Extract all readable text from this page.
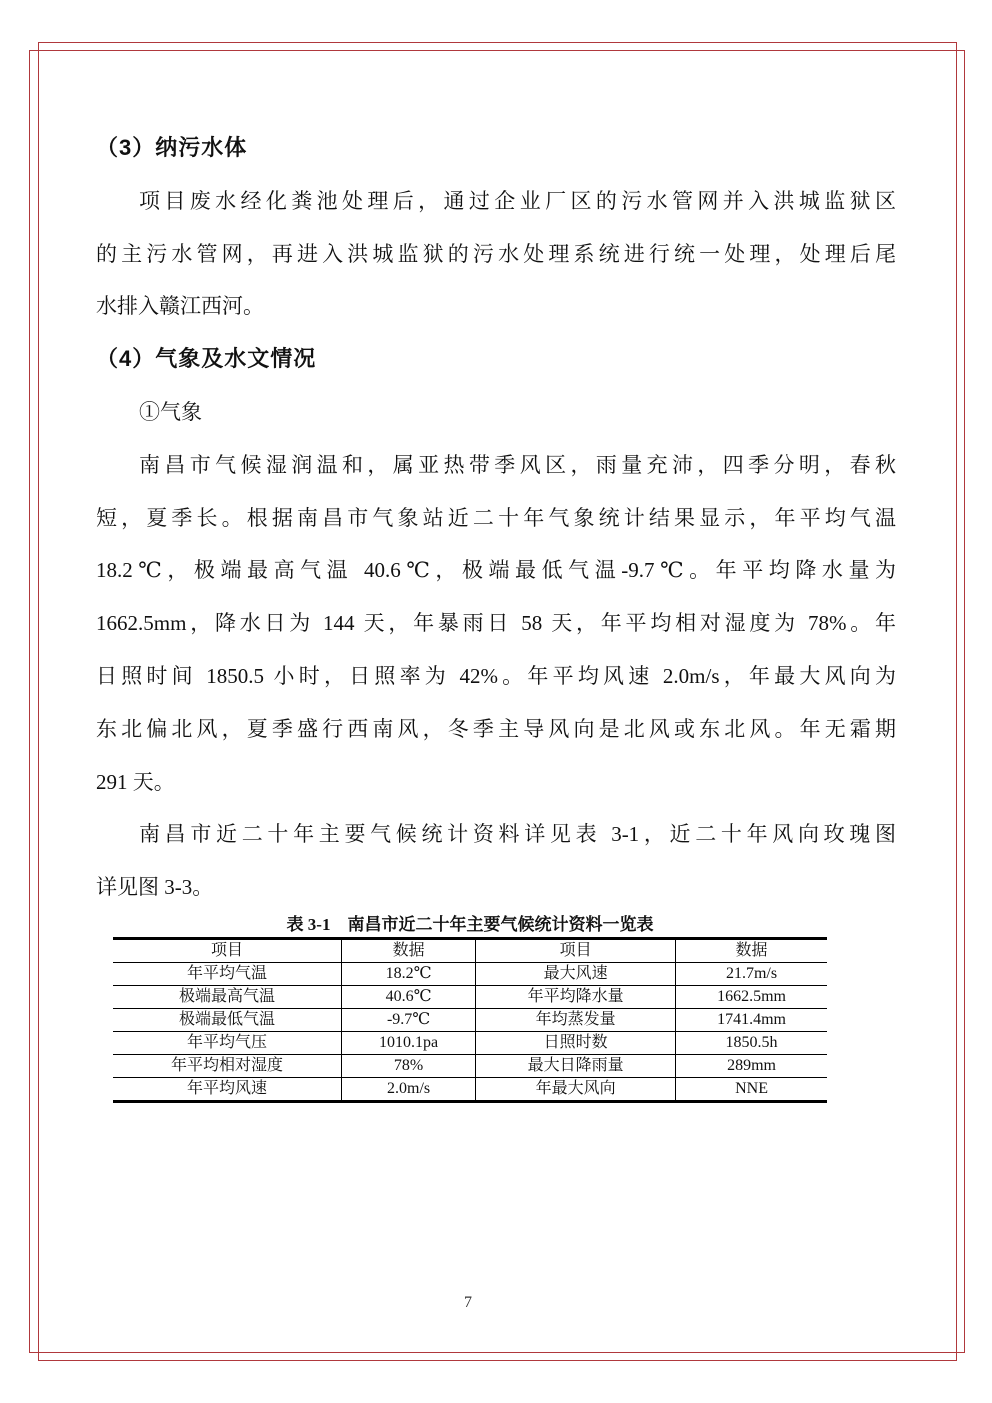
（3）纳污水体
项目废水经化粪池处理后，通过企业厂区的污水管网并入洪城监狱区
的主污水管网，再进入洪城监狱的污水处理系统进行统一处理，处理后尾
水排入赣江西河。
（4）气象及水文情况
①气象
南昌市气候湿润温和，属亚热带季风区，雨量充沛，四季分明，春秋
短，夏季长。根据南昌市气象站近二十年气象统计结果显示，年平均气温
18.2℃，极端最高气温 40.6℃，极端最低气温-9.7℃。年平均降水量为
1662.5mm，降水日为 144 天，年暴雨日 58 天，年平均相对湿度为 78%。年
日照时间 1850.5 小时，日照率为 42%。年平均风速 2.0m/s，年最大风向为
东北偏北风，夏季盛行西南风，冬季主导风向是北风或东北风。年无霜期
291 天。
南昌市近二十年主要气候统计资料详见表 3-1，近二十年风向玫瑰图
详见图 3-3。
表 3-1　南昌市近二十年主要气候统计资料一览表
项目	数据	项目	数据
年平均气温	18.2℃	最大风速	21.7m/s
极端最高气温	40.6℃	年平均降水量	1662.5mm
极端最低气温	-9.7℃	年均蒸发量	1741.4mm
年平均气压	1010.1pa	日照时数	1850.5h
年平均相对湿度	78%	最大日降雨量	289mm
年平均风速	2.0m/s	年最大风向	NNE
7
